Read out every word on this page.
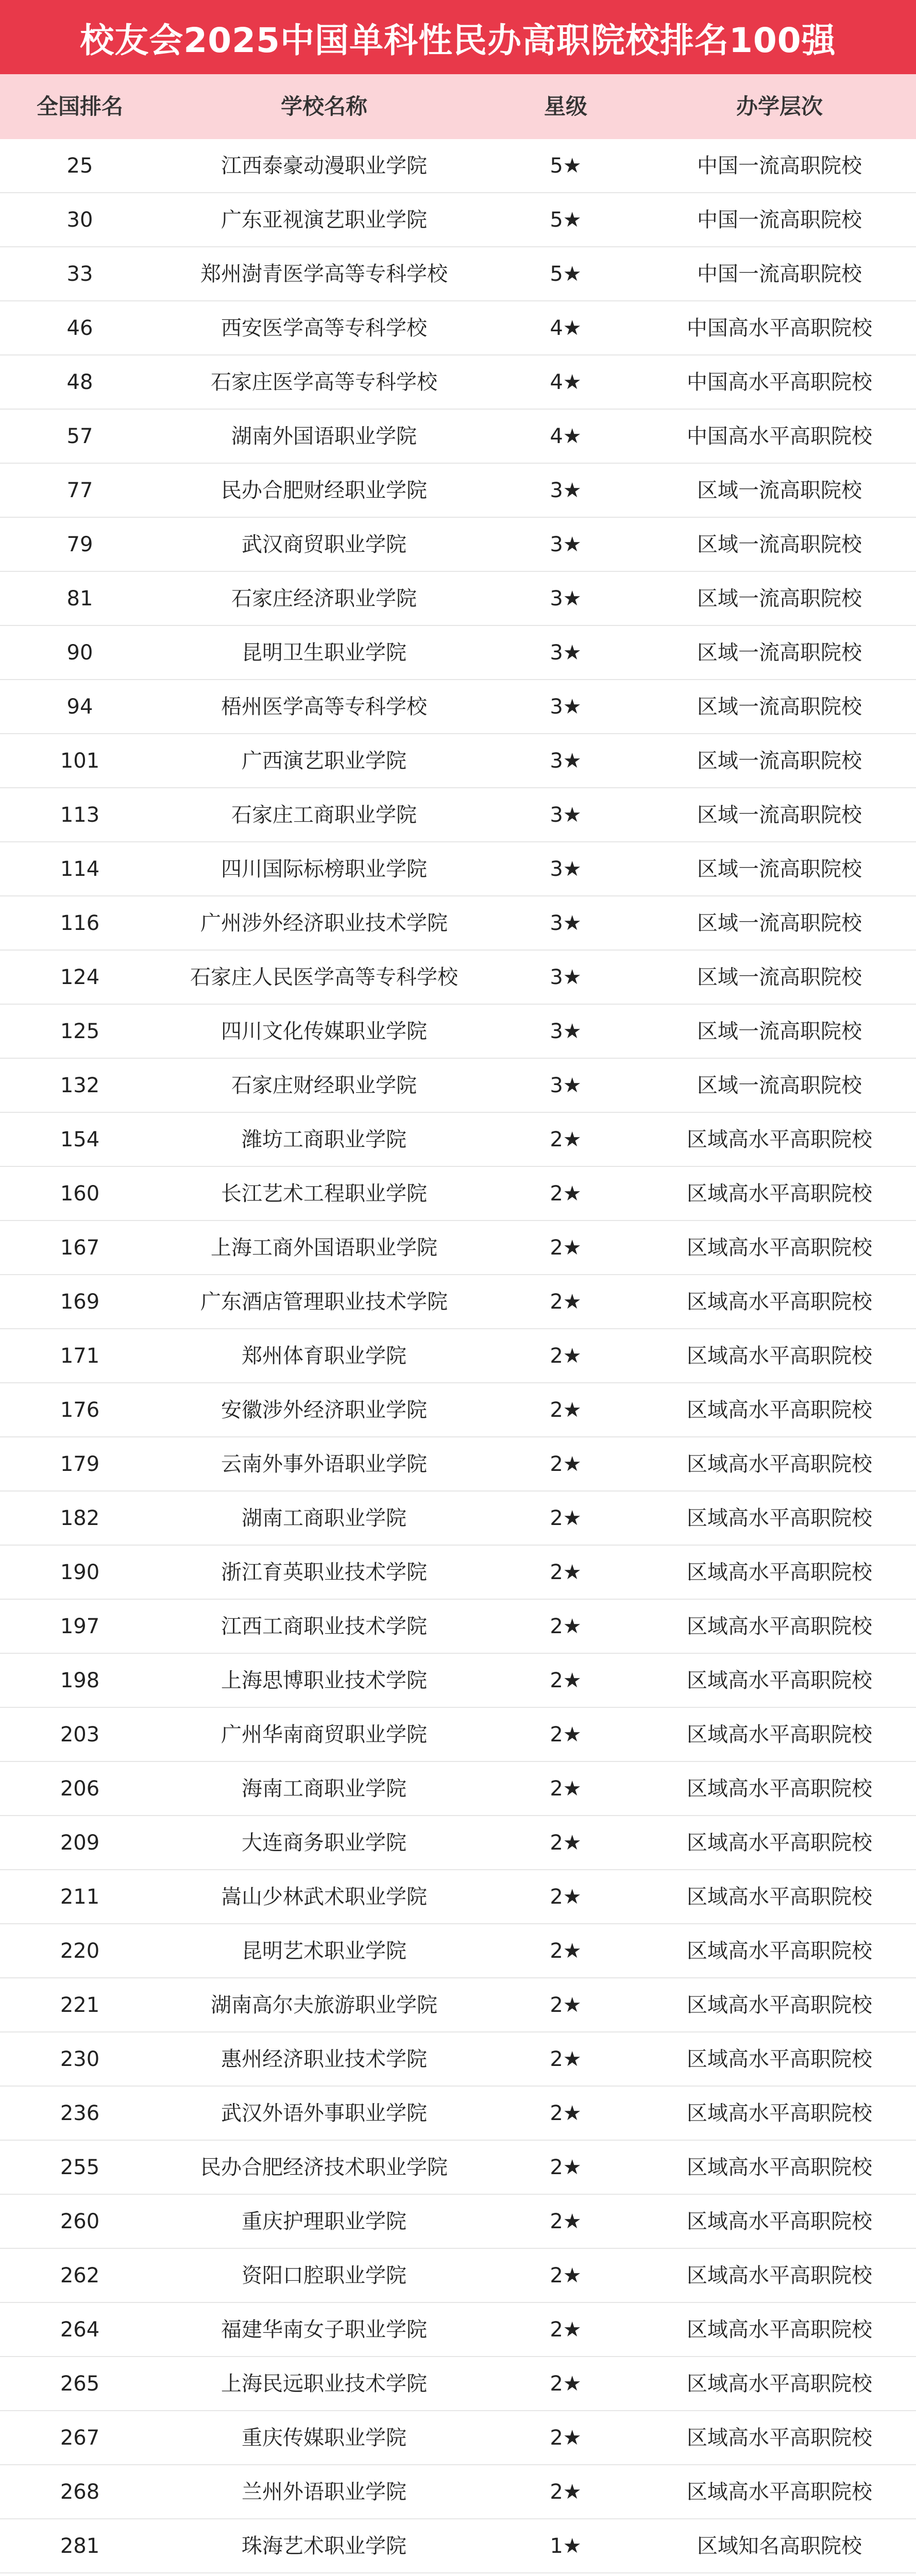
校友会2025中国单科性民办高职院校排名100强
全国排名	学校名称	星级	办学层次
25	江西泰豪动漫职业学院	5★	中国一流高职院校
30	广东亚视演艺职业学院	5★	中国一流高职院校
33	郑州澍青医学高等专科学校	5★	中国一流高职院校
46	西安医学高等专科学校	4★	中国高水平高职院校
48	石家庄医学高等专科学校	4★	中国高水平高职院校
57	湖南外国语职业学院	4★	中国高水平高职院校
77	民办合肥财经职业学院	3★	区域一流高职院校
79	武汉商贸职业学院	3★	区域一流高职院校
81	石家庄经济职业学院	3★	区域一流高职院校
90	昆明卫生职业学院	3★	区域一流高职院校
94	梧州医学高等专科学校	3★	区域一流高职院校
101	广西演艺职业学院	3★	区域一流高职院校
113	石家庄工商职业学院	3★	区域一流高职院校
114	四川国际标榜职业学院	3★	区域一流高职院校
116	广州涉外经济职业技术学院	3★	区域一流高职院校
124	石家庄人民医学高等专科学校	3★	区域一流高职院校
125	四川文化传媒职业学院	3★	区域一流高职院校
132	石家庄财经职业学院	3★	区域一流高职院校
154	潍坊工商职业学院	2★	区域高水平高职院校
160	长江艺术工程职业学院	2★	区域高水平高职院校
167	上海工商外国语职业学院	2★	区域高水平高职院校
169	广东酒店管理职业技术学院	2★	区域高水平高职院校
171	郑州体育职业学院	2★	区域高水平高职院校
176	安徽涉外经济职业学院	2★	区域高水平高职院校
179	云南外事外语职业学院	2★	区域高水平高职院校
182	湖南工商职业学院	2★	区域高水平高职院校
190	浙江育英职业技术学院	2★	区域高水平高职院校
197	江西工商职业技术学院	2★	区域高水平高职院校
198	上海思博职业技术学院	2★	区域高水平高职院校
203	广州华南商贸职业学院	2★	区域高水平高职院校
206	海南工商职业学院	2★	区域高水平高职院校
209	大连商务职业学院	2★	区域高水平高职院校
211	嵩山少林武术职业学院	2★	区域高水平高职院校
220	昆明艺术职业学院	2★	区域高水平高职院校
221	湖南高尔夫旅游职业学院	2★	区域高水平高职院校
230	惠州经济职业技术学院	2★	区域高水平高职院校
236	武汉外语外事职业学院	2★	区域高水平高职院校
255	民办合肥经济技术职业学院	2★	区域高水平高职院校
260	重庆护理职业学院	2★	区域高水平高职院校
262	资阳口腔职业学院	2★	区域高水平高职院校
264	福建华南女子职业学院	2★	区域高水平高职院校
265	上海民远职业技术学院	2★	区域高水平高职院校
267	重庆传媒职业学院	2★	区域高水平高职院校
268	兰州外语职业学院	2★	区域高水平高职院校
281	珠海艺术职业学院	1★	区域知名高职院校
